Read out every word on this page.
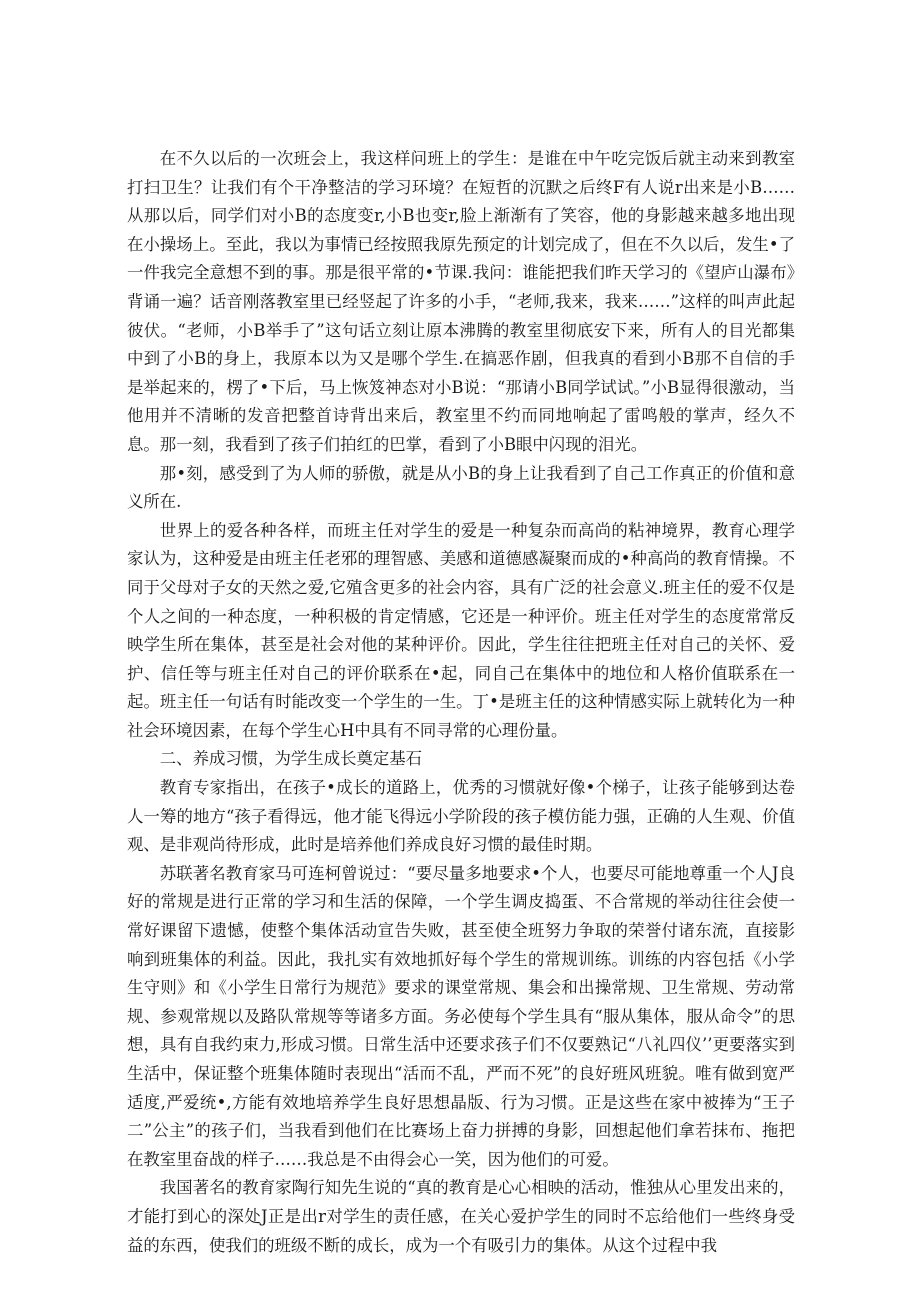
在不久以后的一次班会上，我这样问班上的学生：是谁在中午吃完饭后就主动来到教室打扫卫生？让我们有个干净整洁的学习环境？在短哲的沉默之后终F有人说r出来是小B……从那以后，同学们对小B的态度变r,小B也变r,脸上渐渐有了笑容，他的身影越来越多地出现在小操场上。至此，我以为事情已经按照我原先预定的计划完成了，但在不久以后，发生•了一件我完全意想不到的事。那是很平常的•节课.我问：谁能把我们昨天学习的《望庐山瀑布》背诵一遍？话音刚落教室里已经竖起了许多的小手，“老师,我来，我来……”这样的叫声此起彼伏。“老师，小B举手了”这句话立刻让原本沸腾的教室里彻底安下来，所有人的目光都集中到了小B的身上，我原本以为又是哪个学生.在搞恶作剧，但我真的看到小B那不自信的手是举起来的，楞了•下后，马上恢笈神态对小B说：“那请小B同学试试。”小B显得很激动，当他用并不清晰的发音把整首诗背出来后，教室里不约而同地响起了雷鸣般的掌声，经久不息。那一刻，我看到了孩子们拍红的巴掌，看到了小B眼中闪现的泪光。

那•刻，感受到了为人师的骄傲，就是从小B的身上让我看到了自己工作真正的价值和意义所在.

世界上的爱各种各样，而班主任对学生的爱是一种复杂而高尚的粘神境界，教育心理学家认为，这种爱是由班主任老邪的理智感、美感和道德感凝聚而成的•种高尚的教育情操。不同于父母对子女的天然之爱,它殖含更多的社会内容，具有广泛的社会意义.班主任的爱不仅是个人之间的一种态度，一种积极的肯定情感，它还是一种评价。班主任对学生的态度常常反映学生所在集体，甚至是社会对他的某种评价。因此，学生往往把班主任对自己的关怀、爱护、信任等与班主任对自己的评价联系在•起，同自己在集体中的地位和人格价值联系在一起。班主任一句话有时能改变一个学生的一生。丁•是班主任的这种情感实际上就转化为一种社会环境因素，在每个学生心H中具有不同寻常的心理份量。

二、养成习惯，为学生成长奠定基石

教育专家指出，在孩子•成长的道路上，优秀的习惯就好像•个梯子，让孩子能够到达卷人一筹的地方“孩子看得远，他才能飞得远小学阶段的孩子模仿能力强，正确的人生观、价值观、是非观尚待形成，此时是培养他们养成良好习惯的最佳时期。

苏联著名教育家马可连柯曾说过：“要尽量多地要求•个人，也要尽可能地尊重一个人J良好的常规是进行正常的学习和生活的保障，一个学生调皮捣蛋、不合常规的举动往往会使一常好课留下遗憾，使整个集体活动宣告失败，甚至使全班努力争取的荣誉付诸东流，直接影响到班集体的利益。因此，我扎实有效地抓好每个学生的常规训练。训练的内容包括《小学生守则》和《小学生日常行为规范》要求的课堂常规、集会和出操常规、卫生常规、劳动常规、参观常规以及路队常规等等诸多方面。务必使每个学生具有“服从集体，服从命令”的思想，具有自我约束力,形成习惯。日常生活中还要求孩子们不仅要熟记“八礼四仪’’更要落实到生活中，保证整个班集体随时表现出“活而不乱，严而不死”的良好班风班貌。唯有做到宽严适度,严爱统•,方能有效地培养学生良好思想晶版、行为习惯。正是这些在家中被捧为“王子二”公主”的孩子们，当我看到他们在比赛场上奋力拼搏的身影，回想起他们拿若抹布、拖把在教室里奋战的样子……我总是不由得会心一笑，因为他们的可爱。

我国著名的教育家陶行知先生说的“真的教育是心心相映的活动，惟独从心里发出来的，才能打到心的深处J正是出r对学生的责任感，在关心爱护学生的同时不忘给他们一些终身受益的东西，使我们的班级不断的成长，成为一个有吸引力的集体。从这个过程中我
